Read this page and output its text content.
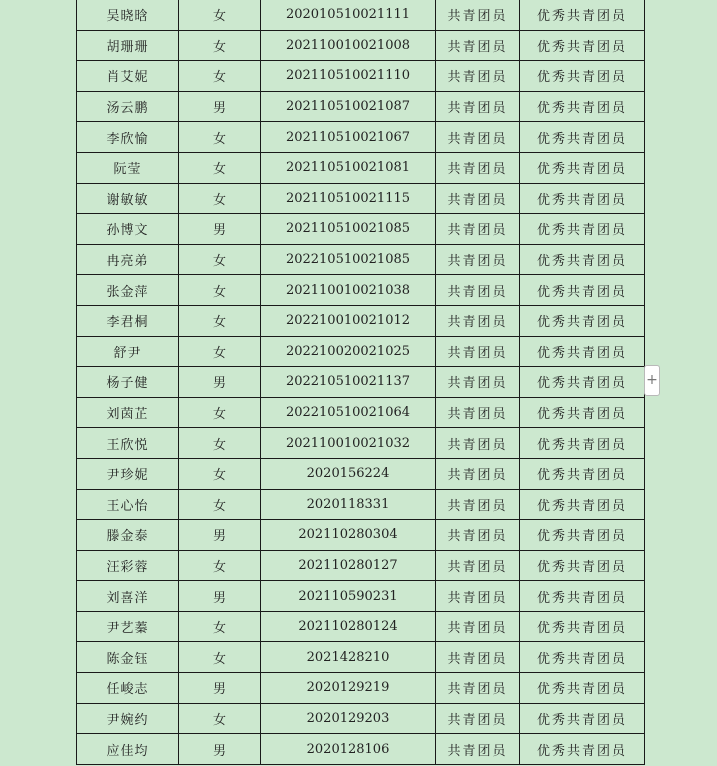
吴晓晗	女	202010510021111	共青团员	优秀共青团员
胡珊珊	女	202110010021008	共青团员	优秀共青团员
肖艾妮	女	202110510021110	共青团员	优秀共青团员
汤云鹏	男	202110510021087	共青团员	优秀共青团员
李欣愉	女	202110510021067	共青团员	优秀共青团员
阮莹	女	202110510021081	共青团员	优秀共青团员
谢敏敏	女	202110510021115	共青团员	优秀共青团员
孙博文	男	202110510021085	共青团员	优秀共青团员
冉亮弟	女	202210510021085	共青团员	优秀共青团员
张金萍	女	202110010021038	共青团员	优秀共青团员
李君桐	女	202210010021012	共青团员	优秀共青团员
舒尹	女	202210020021025	共青团员	优秀共青团员
杨子健	男	202210510021137	共青团员	优秀共青团员
刘茵芷	女	202210510021064	共青团员	优秀共青团员
王欣悦	女	202110010021032	共青团员	优秀共青团员
尹珍妮	女	2020156224	共青团员	优秀共青团员
王心怡	女	2020118331	共青团员	优秀共青团员
滕金泰	男	202110280304	共青团员	优秀共青团员
汪彩蓉	女	202110280127	共青团员	优秀共青团员
刘喜洋	男	202110590231	共青团员	优秀共青团员
尹艺蓁	女	202110280124	共青团员	优秀共青团员
陈金钰	女	2021428210	共青团员	优秀共青团员
任峻志	男	2020129219	共青团员	优秀共青团员
尹婉约	女	2020129203	共青团员	优秀共青团员
应佳均	男	2020128106	共青团员	优秀共青团员
+
